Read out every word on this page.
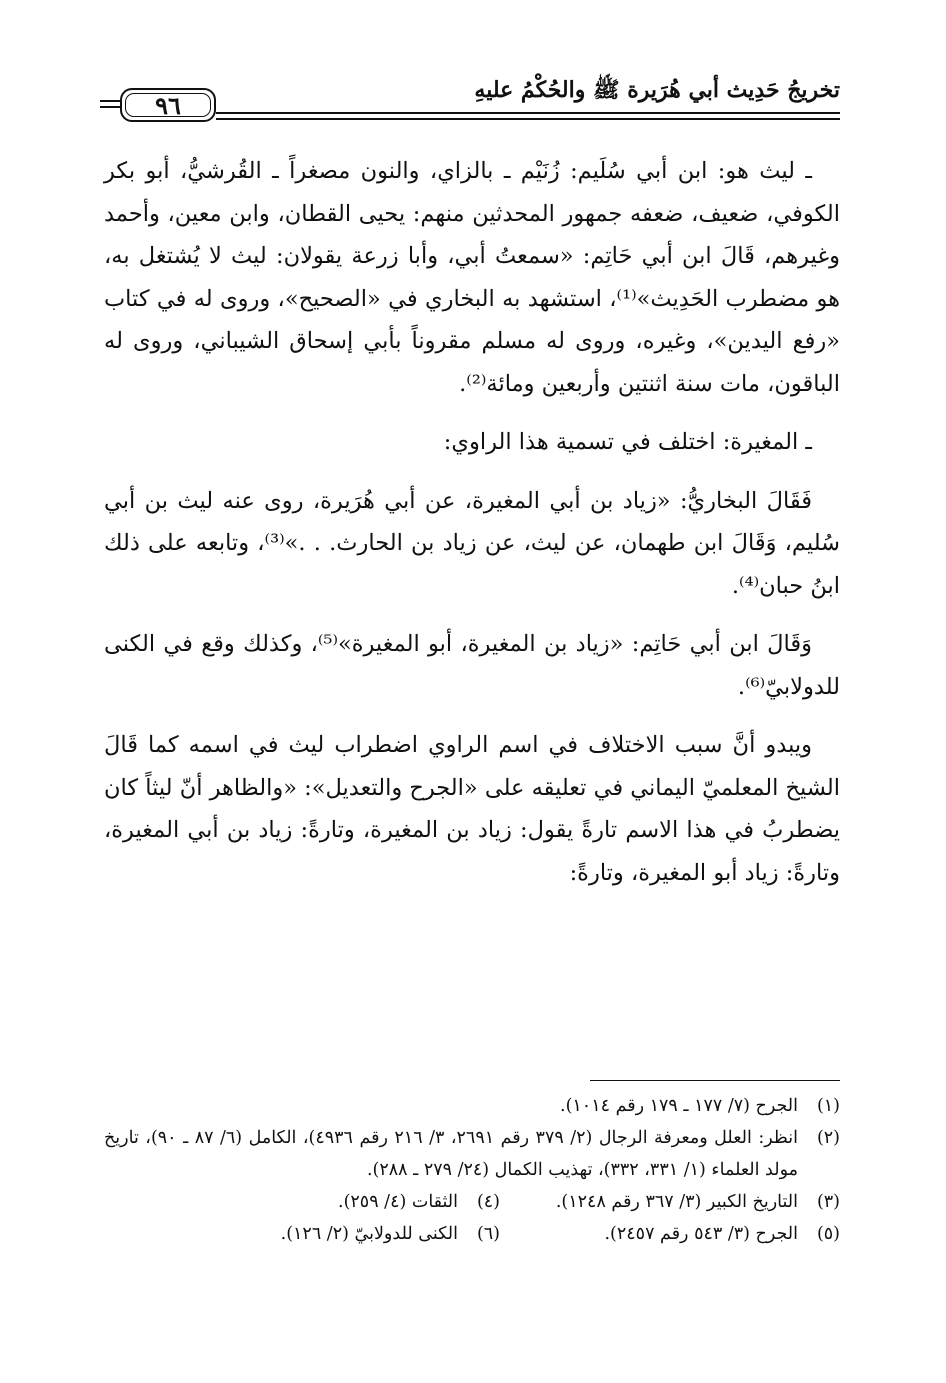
تخريجُ حَدِيث أبي هُرَيرة ﷺ والحُكْمُ عليهِ
٩٦

ـ ليث هو: ابن أبي سُلَيم: زُنَيْم ـ بالزاي، والنون مصغراً ـ القُرشيُّ، أبو بكر الكوفي، ضعيف، ضعفه جمهور المحدثين منهم: يحيى القطان، وابن معين، وأحمد وغيرهم، قَالَ ابن أبي حَاتِم: «سمعتُ أبي، وأبا زرعة يقولان: ليث لا يُشتغل به، هو مضطرب الحَدِيث»⁽¹⁾، استشهد به البخاري في «الصحيح»، وروى له في كتاب «رفع اليدين»، وغيره، وروى له مسلم مقروناً بأبي إسحاق الشيباني، وروى له الباقون، مات سنة اثنتين وأربعين ومائة⁽²⁾.

ـ المغيرة: اختلف في تسمية هذا الراوي:

فَقَالَ البخاريُّ: «زياد بن أبي المغيرة، عن أبي هُرَيرة، روى عنه ليث بن أبي سُليم، وَقَالَ ابن طهمان، عن ليث، عن زياد بن الحارث. . .»⁽³⁾، وتابعه على ذلك ابنُ حبان⁽⁴⁾.

وَقَالَ ابن أبي حَاتِم: «زياد بن المغيرة، أبو المغيرة»⁽⁵⁾، وكذلك وقع في الكنى للدولابيّ⁽⁶⁾.

ويبدو أنَّ سبب الاختلاف في اسم الراوي اضطراب ليث في اسمه كما قَالَ الشيخ المعلميّ اليماني في تعليقه على «الجرح والتعديل»: «والظاهر أنّ ليثاً كان يضطربُ في هذا الاسم تارةً يقول: زياد بن المغيرة، وتارةً: زياد بن أبي المغيرة، وتارةً: زياد أبو المغيرة، وتارةً:

(١)
الجرح (٧/ ١٧٧ ـ ١٧٩ رقم ١٠١٤).
(٢)
انظر: العلل ومعرفة الرجال (٢/ ٣٧٩ رقم ٢٦٩١، ٣/ ٢١٦ رقم ٤٩٣٦)، الكامل (٦/ ٨٧ ـ ٩٠)، تاريخ مولد العلماء (١/ ٣٣١، ٣٣٢)، تهذيب الكمال (٢٤/ ٢٧٩ ـ ٢٨٨).
(٣)
التاريخ الكبير (٣/ ٣٦٧ رقم ١٢٤٨).
(٤)
الثقات (٤/ ٢٥٩).
(٥)
الجرح (٣/ ٥٤٣ رقم ٢٤٥٧).
(٦)
الكنى للدولابيّ (٢/ ١٢٦).
